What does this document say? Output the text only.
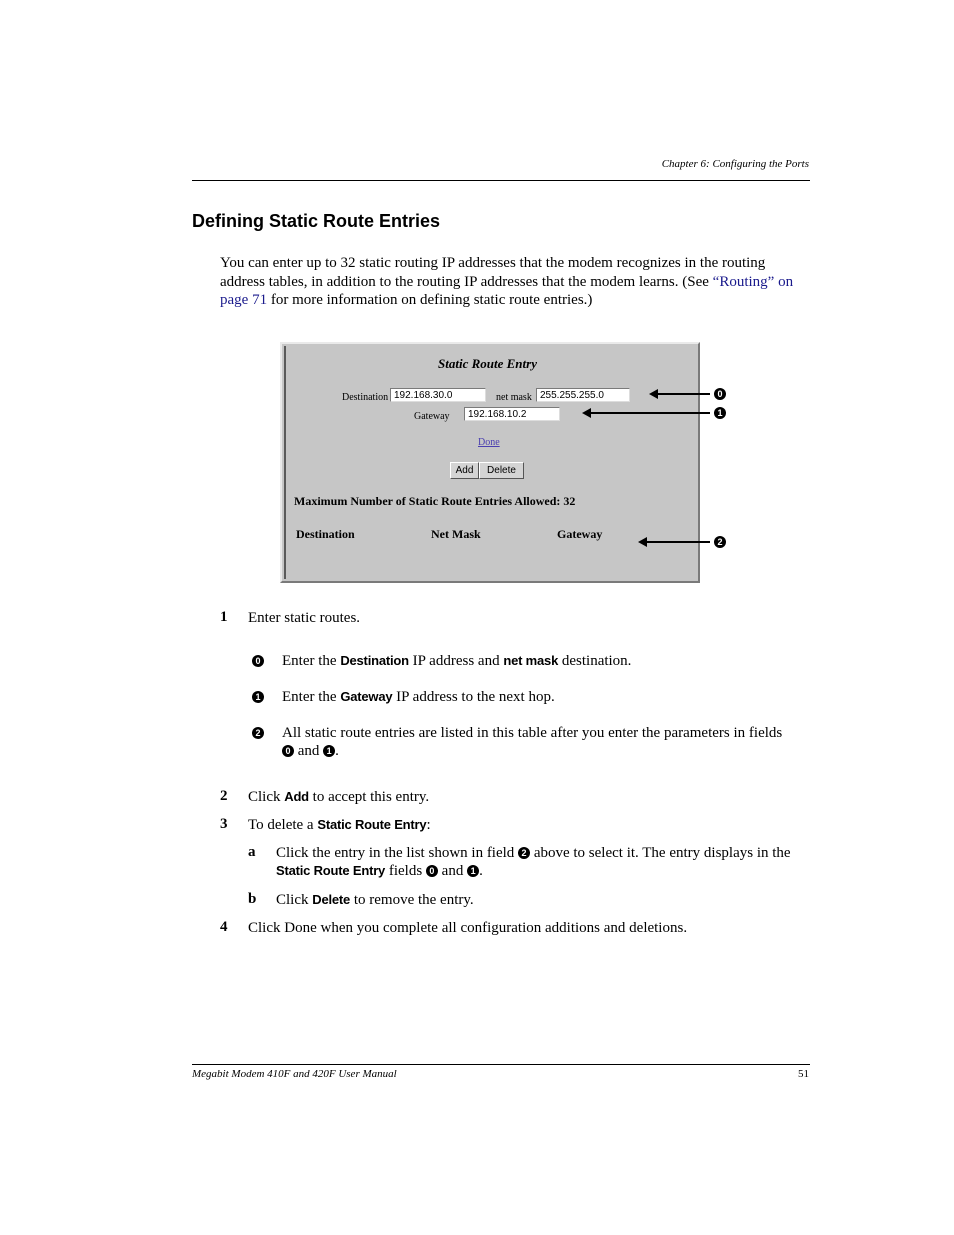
Chapter 6: Configuring the Ports
Defining Static Route Entries
You can enter up to 32 static routing IP addresses that the modem recognizes in the routing address tables, in addition to the routing IP addresses that the modem learns. (See “Routing” on page 71 for more information on defining static route entries.)
Static Route Entry
Destination 192.168.30.0	net mask 255.255.255.0
Gateway	192.168.10.2
Done
Add	Delete
Maximum Number of Static Route Entries Allowed: 32
Destination	Net Mask	Gateway
0
1
2
1 Enter static routes.
0 Enter the Destination IP address and net mask destination.
1 Enter the Gateway IP address to the next hop.
2 All static route entries are listed in this table after you enter the parameters in fields 0 and 1 .
2 Click Add to accept this entry.
3 To delete a Static Route Entry:
a Click the entry in the list shown in field 2 above to select it. The entry displays in the Static Route Entry fields 0 and 1 .
b Click Delete to remove the entry.
4 Click Done when you complete all configuration additions and deletions.
Megabit Modem 410F and 420F User Manual	51
